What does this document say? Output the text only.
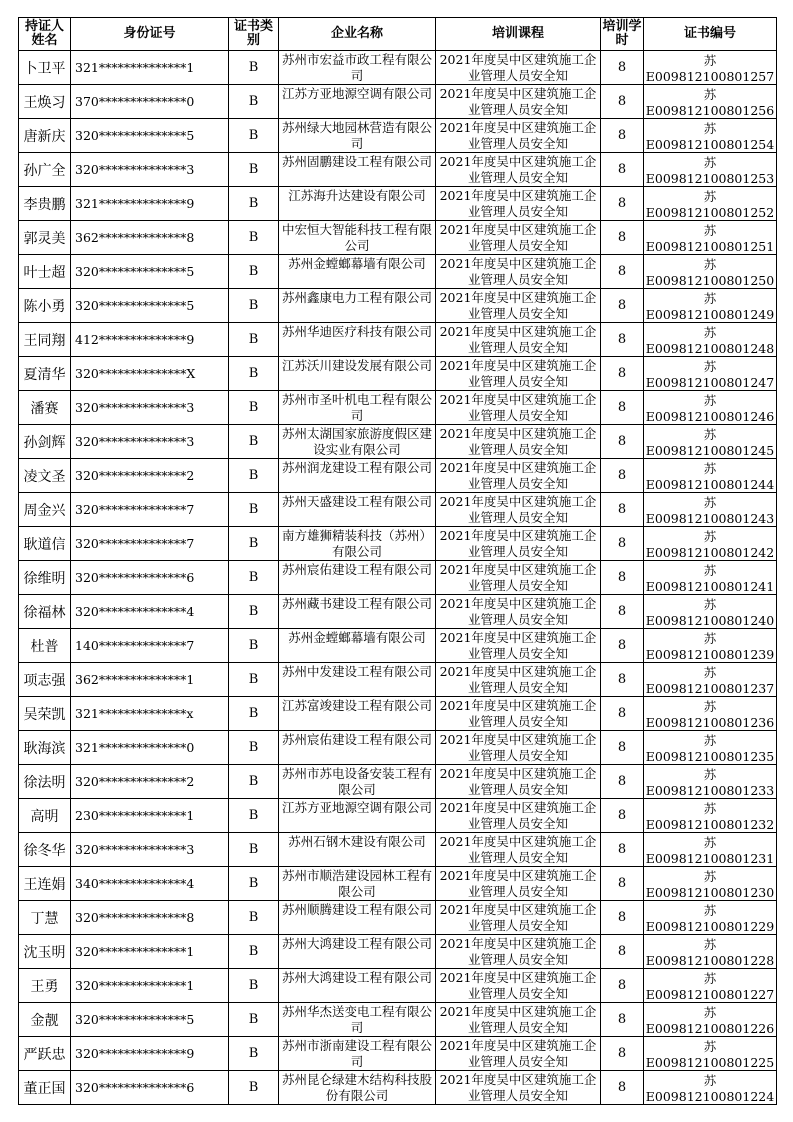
持证人姓名	身份证号	证书类别	企业名称	培训课程	培训学时	证书编号
卜卫平	321**************1	B	苏州市宏益市政工程有限公司	2021年度吴中区建筑施工企业管理人员安全知	8	苏E009812100801257
王焕习	370**************0	B	江苏方亚地源空调有限公司	2021年度吴中区建筑施工企业管理人员安全知	8	苏E009812100801256
唐新庆	320**************5	B	苏州绿大地园林营造有限公司	2021年度吴中区建筑施工企业管理人员安全知	8	苏E009812100801254
孙广全	320**************3	B	苏州固鹏建设工程有限公司	2021年度吴中区建筑施工企业管理人员安全知	8	苏E009812100801253
李贵鹏	321**************9	B	江苏海升达建设有限公司	2021年度吴中区建筑施工企业管理人员安全知	8	苏E009812100801252
郭灵美	362**************8	B	中宏恒大智能科技工程有限公司	2021年度吴中区建筑施工企业管理人员安全知	8	苏E009812100801251
叶士超	320**************5	B	苏州金螳螂幕墙有限公司	2021年度吴中区建筑施工企业管理人员安全知	8	苏E009812100801250
陈小勇	320**************5	B	苏州鑫康电力工程有限公司	2021年度吴中区建筑施工企业管理人员安全知	8	苏E009812100801249
王同翔	412**************9	B	苏州华迪医疗科技有限公司	2021年度吴中区建筑施工企业管理人员安全知	8	苏E009812100801248
夏清华	320**************X	B	江苏沃川建设发展有限公司	2021年度吴中区建筑施工企业管理人员安全知	8	苏E009812100801247
潘赛	320**************3	B	苏州市圣叶机电工程有限公司	2021年度吴中区建筑施工企业管理人员安全知	8	苏E009812100801246
孙剑辉	320**************3	B	苏州太湖国家旅游度假区建设实业有限公司	2021年度吴中区建筑施工企业管理人员安全知	8	苏E009812100801245
凌文圣	320**************2	B	苏州润龙建设工程有限公司	2021年度吴中区建筑施工企业管理人员安全知	8	苏E009812100801244
周金兴	320**************7	B	苏州天盛建设工程有限公司	2021年度吴中区建筑施工企业管理人员安全知	8	苏E009812100801243
耿道信	320**************7	B	南方雄狮精装科技（苏州）有限公司	2021年度吴中区建筑施工企业管理人员安全知	8	苏E009812100801242
徐维明	320**************6	B	苏州宸佑建设工程有限公司	2021年度吴中区建筑施工企业管理人员安全知	8	苏E009812100801241
徐福林	320**************4	B	苏州藏书建设工程有限公司	2021年度吴中区建筑施工企业管理人员安全知	8	苏E009812100801240
杜普	140**************7	B	苏州金螳螂幕墙有限公司	2021年度吴中区建筑施工企业管理人员安全知	8	苏E009812100801239
项志强	362**************1	B	苏州中发建设工程有限公司	2021年度吴中区建筑施工企业管理人员安全知	8	苏E009812100801237
吴荣凯	321**************x	B	江苏富竣建设工程有限公司	2021年度吴中区建筑施工企业管理人员安全知	8	苏E009812100801236
耿海滨	321**************0	B	苏州宸佑建设工程有限公司	2021年度吴中区建筑施工企业管理人员安全知	8	苏E009812100801235
徐法明	320**************2	B	苏州市苏电设备安装工程有限公司	2021年度吴中区建筑施工企业管理人员安全知	8	苏E009812100801233
高明	230**************1	B	江苏方亚地源空调有限公司	2021年度吴中区建筑施工企业管理人员安全知	8	苏E009812100801232
徐冬华	320**************3	B	苏州石钢木建设有限公司	2021年度吴中区建筑施工企业管理人员安全知	8	苏E009812100801231
王连娟	340**************4	B	苏州市顺浩建设园林工程有限公司	2021年度吴中区建筑施工企业管理人员安全知	8	苏E009812100801230
丁慧	320**************8	B	苏州顺腾建设工程有限公司	2021年度吴中区建筑施工企业管理人员安全知	8	苏E009812100801229
沈玉明	320**************1	B	苏州大鸿建设工程有限公司	2021年度吴中区建筑施工企业管理人员安全知	8	苏E009812100801228
王勇	320**************1	B	苏州大鸿建设工程有限公司	2021年度吴中区建筑施工企业管理人员安全知	8	苏E009812100801227
金靓	320**************5	B	苏州华杰送变电工程有限公司	2021年度吴中区建筑施工企业管理人员安全知	8	苏E009812100801226
严跃忠	320**************9	B	苏州市浙南建设工程有限公司	2021年度吴中区建筑施工企业管理人员安全知	8	苏E009812100801225
董正国	320**************6	B	苏州昆仑绿建木结构科技股份有限公司	2021年度吴中区建筑施工企业管理人员安全知	8	苏E009812100801224
